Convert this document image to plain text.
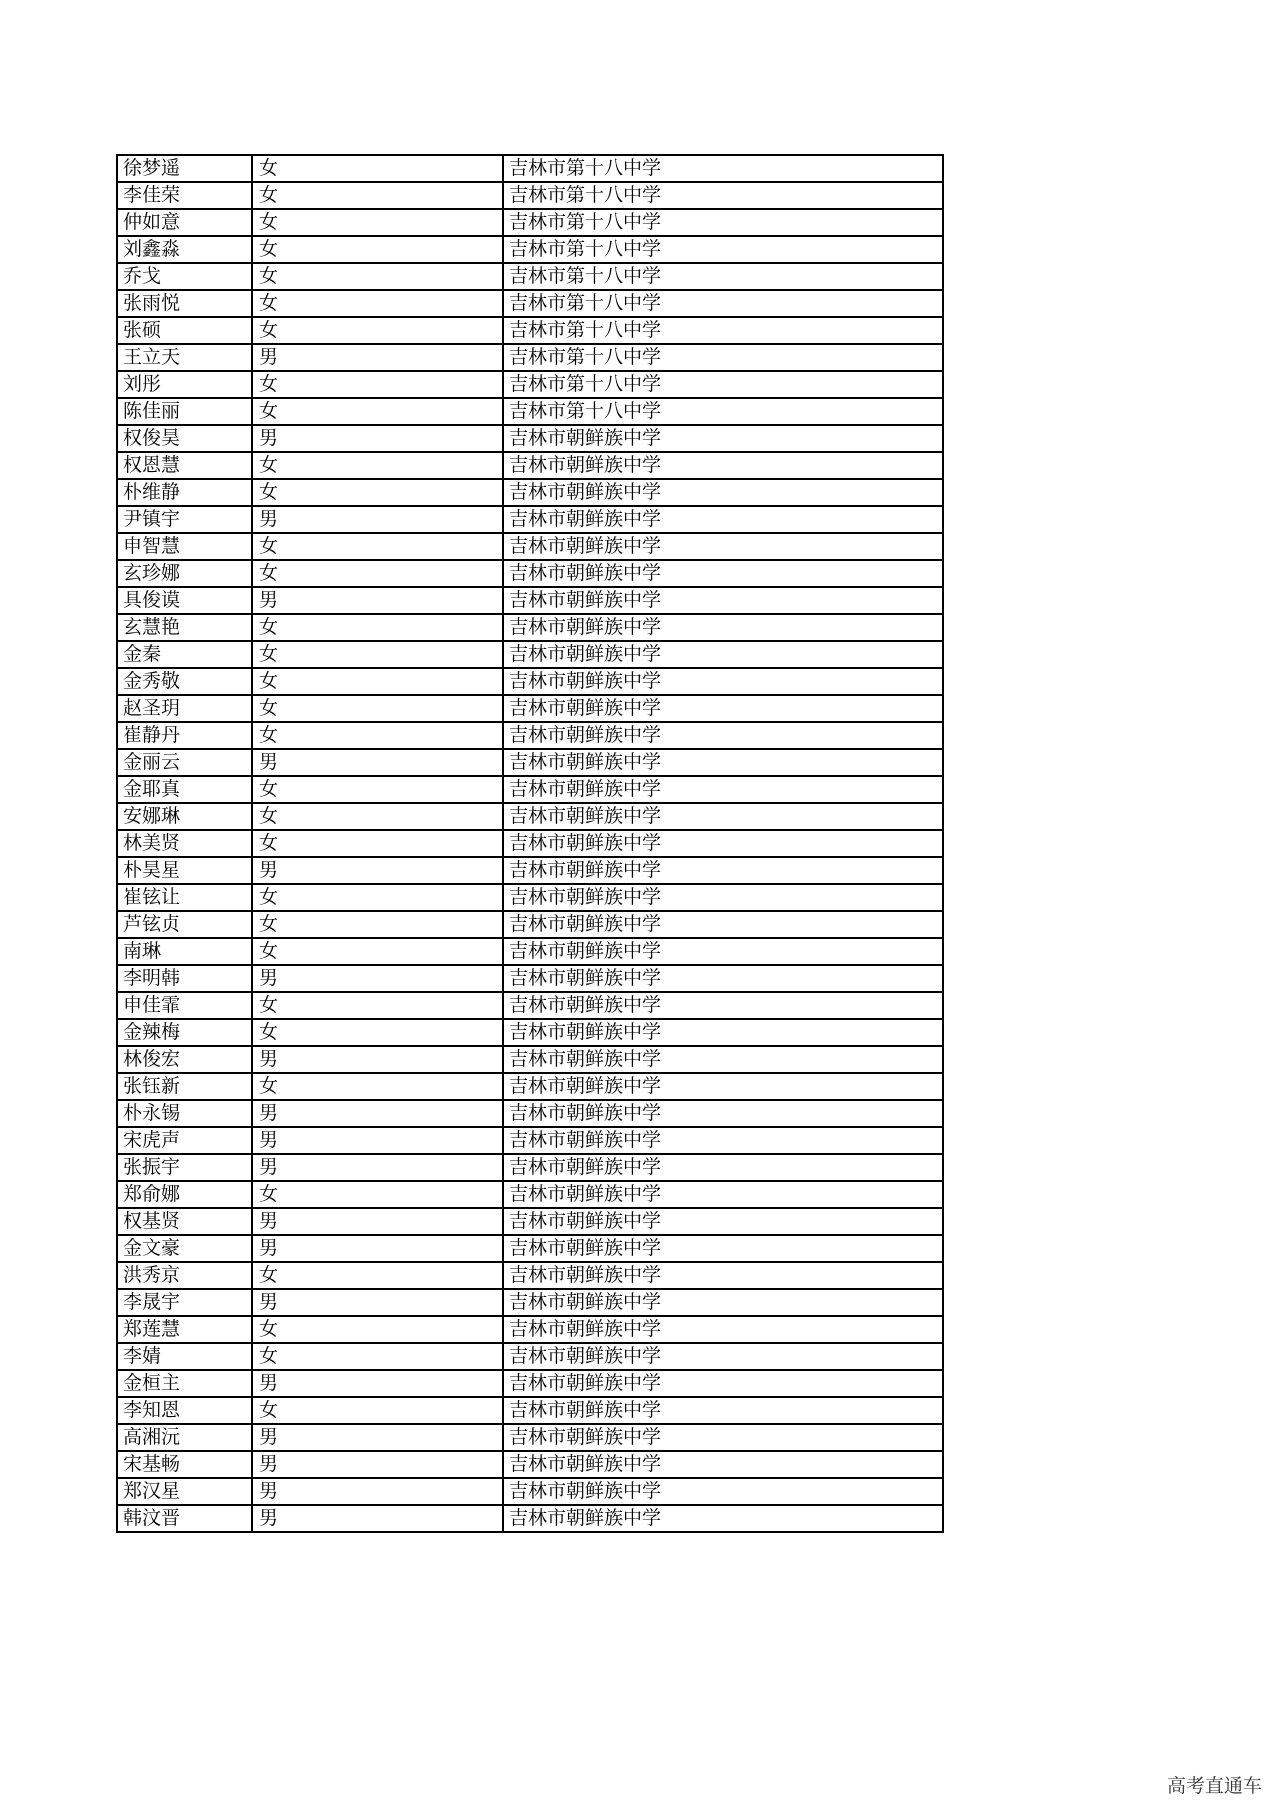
徐梦遥	女	吉林市第十八中学
李佳荣	女	吉林市第十八中学
仲如意	女	吉林市第十八中学
刘鑫淼	女	吉林市第十八中学
乔戈	女	吉林市第十八中学
张雨悦	女	吉林市第十八中学
张硕	女	吉林市第十八中学
王立天	男	吉林市第十八中学
刘彤	女	吉林市第十八中学
陈佳丽	女	吉林市第十八中学
权俊昊	男	吉林市朝鲜族中学
权恩慧	女	吉林市朝鲜族中学
朴维静	女	吉林市朝鲜族中学
尹镇宇	男	吉林市朝鲜族中学
申智慧	女	吉林市朝鲜族中学
玄珍娜	女	吉林市朝鲜族中学
具俊谟	男	吉林市朝鲜族中学
玄慧艳	女	吉林市朝鲜族中学
金秦	女	吉林市朝鲜族中学
金秀敬	女	吉林市朝鲜族中学
赵圣玥	女	吉林市朝鲜族中学
崔静丹	女	吉林市朝鲜族中学
金丽云	男	吉林市朝鲜族中学
金耶真	女	吉林市朝鲜族中学
安娜琳	女	吉林市朝鲜族中学
林美贤	女	吉林市朝鲜族中学
朴昊星	男	吉林市朝鲜族中学
崔铉让	女	吉林市朝鲜族中学
芦铉贞	女	吉林市朝鲜族中学
南琳	女	吉林市朝鲜族中学
李明韩	男	吉林市朝鲜族中学
申佳霏	女	吉林市朝鲜族中学
金辣梅	女	吉林市朝鲜族中学
林俊宏	男	吉林市朝鲜族中学
张钰新	女	吉林市朝鲜族中学
朴永锡	男	吉林市朝鲜族中学
宋虎声	男	吉林市朝鲜族中学
张振宇	男	吉林市朝鲜族中学
郑俞娜	女	吉林市朝鲜族中学
权基贤	男	吉林市朝鲜族中学
金文豪	男	吉林市朝鲜族中学
洪秀京	女	吉林市朝鲜族中学
李晟宇	男	吉林市朝鲜族中学
郑莲慧	女	吉林市朝鲜族中学
李婧	女	吉林市朝鲜族中学
金桓主	男	吉林市朝鲜族中学
李知恩	女	吉林市朝鲜族中学
高湘沅	男	吉林市朝鲜族中学
宋基畅	男	吉林市朝鲜族中学
郑汉星	男	吉林市朝鲜族中学
韩汶晋	男	吉林市朝鲜族中学
高考直通车
